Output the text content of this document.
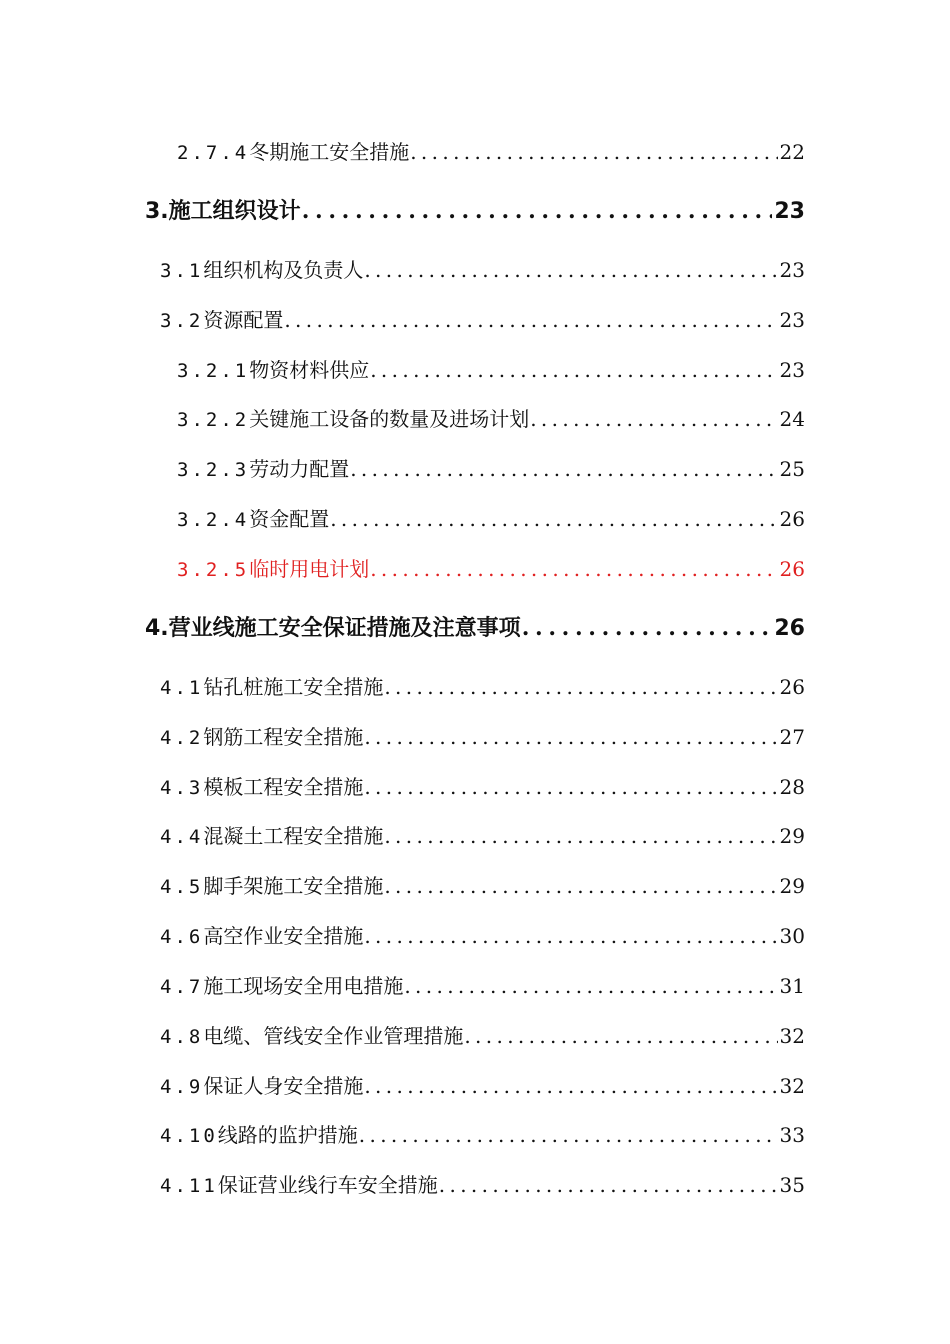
2.7.4 冬期施工安全措施 . . .	22
3. 施工组织设计 . . .	23
3.1 组织机构及负责人 . . .	23
3.2 资源配置 . . .	23
3.2.1 物资材料供应 . . .	23
3.2.2 关键施工设备的数量及进场计划 . . .	24
3.2.3 劳动力配置 . . .	25
3.2.4 资金配置 . . .	26
3.2.5 临时用电计划 . . .	26
4. 营业线施工安全保证措施及注意事项 . . .	26
4.1 钻孔桩施工安全措施 . . .	26
4.2 钢筋工程安全措施 . . .	27
4.3 模板工程安全措施 . . .	28
4.4 混凝土工程安全措施 . . .	29
4.5 脚手架施工安全措施 . . .	29
4.6 高空作业安全措施 . . .	30
4.7 施工现场安全用电措施 . . .	31
4.8 电缆、管线安全作业管理措施 . . .	32
4.9 保证人身安全措施 . . .	32
4.10 线路的监护措施 . . .	33
4.11 保证营业线行车安全措施 . . .	35
